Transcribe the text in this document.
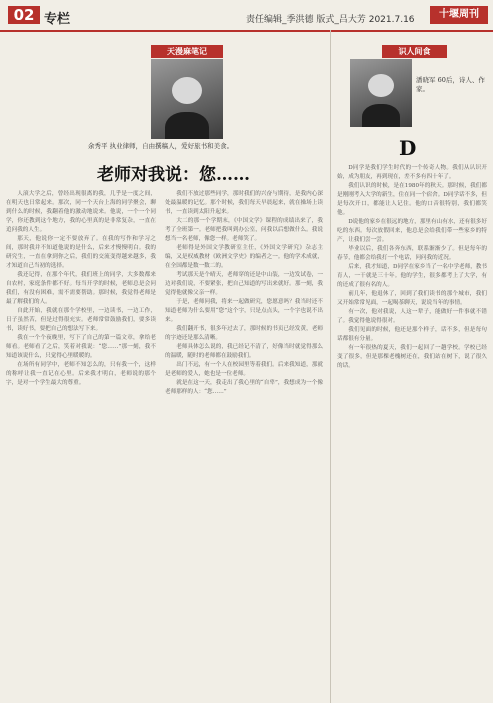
02 专栏	责任编辑_季洪德 版式_吕大芳 2021.7.16	十堰周刊
天漫麻笔记
余秀平 执业律师，自由撰稿人，爱好旅书和美食。
老师对我说：您……

人滚大学之后，曾经出现很离的我，几乎是一度之间，在明天也日常起来。那次，同一个天台上海的同学聚会，聊到什么的时候，我翻着他的激动地说来。他说，一个一个同学，你还教到这个地方，我的心里真的是非常复杂，一直在追问我的人生。

那天，他说你一定不要放弃了。在我的写作和学习之间，那时我并不知道他说的是什么，后来才慢慢明白。我的研究生，一直在拿到你之后，我们的交流变得越来越多，我才知道自己当初的选择。

我还记得，在那个年代，我们班上的同学，大多数都来自农村，家庭条件都不好。每当开学的时候，老师总是会问我们，有没有困难，需不需要帮助。那时候，我觉得老师是最了解我们的人。

自此开始，我就在那个学校里，一边读书，一边工作，日子虽然苦，但是过得很充实。老师常常鼓励我们，要多读书，读好书，要把自己的想法写下来。

我在一个个夜晚里，写下了自己的第一篇文章，拿给老师看。老师看了之后，笑着对我说：“您……”那一刻，我不知道该说什么，只觉得心里暖暖的。

在场所有同学中，老师不知怎么的，只有我一个，这样的称呼让我一直记在心里。后来我才明白，老师说的那个字，是对一个学生最大的尊重。

我们不放过那些同学，那时我们的兴奋与期待，是我内心深处最温暖的记忆。那个时候，我们每天早晨起来，就在操场上读书，一直读到太阳升起来。

大二的那一个学期末，《中国文学》课程的成绩出来了，我考了全班第一。老师把我叫到办公室，问我以后想做什么。我说想当一名老师，像您一样。老师笑了。

老师得是外国文学教研室主任，《外国文学研究》杂志主编，又是权威教材《欧洲文学史》的编者之一。他的学术成就，在全国都是数一数二的。

考试那天是个晴天，老师穿的还是中山装，一边发试卷，一边对我们说，不要紧张，把自己知道的写出来就好。那一刻，我觉得他就像父亲一样。

于是，老师问我，将来一起做研究，您愿意吗？我当时还不知道老师为什么要用“您”这个字，只是点点头，一个字也说不出来。

我们翻开书，很多年过去了，那时候的书页已经发黄，老师的字迹还是那么清晰。

老师具体怎么说的，我已经记不清了，好像当时就觉得那么的温暖，随时的老师都在鼓励我们。

出门不远，有一个人在校园里等着我们。后来我知道，那就是老师的爱人，她也是一位老师。

就是在这一天，我走出了我心里的“自卑”，我想成为一个像老师那样的人：“您……”

识人间食
潘晓军 60后，诗人、作家。
D

D同学是我们学生时代的一个传奇人物。我们从认识开始，成为朋友，再到现在，差不多有四十年了。

我们认识的时候，是在1980年的秋天。那时候，我们都是刚刚考入大学的新生，住在同一个宿舍。D同学话不多，但是每次开口，都能让人记住。他的口音很特别，我们都笑他。

D说他的家乡在很远的地方，那里有山有水，还有很多好吃的东西。每次放假回来，他总是会给我们带一些家乡的特产，让我们尝一尝。

毕业以后，我们各奔东西，联系渐渐少了。但是每年的春节，他都会给我打一个电话，问问我的近况。

后来，我才知道，D同学在家乡当了一名中学老师，教书育人，一干就是三十年。他的学生，很多都考上了大学，有的还成了很有名的人。

前几年，他退休了，回到了我们读书的那个城市，我们又开始常常见面，一起喝茶聊天，说说当年的事情。

有一次，他对我说，人这一辈子，能做好一件事就不错了。我觉得他说得很对。

我们见面的时候，他还是那个样子，话不多，但是每句话都很有分量。

有一年很热的夏天，我们一起回了一趟学校。学校已经变了很多，但是那棵老槐树还在，我们站在树下，说了很久的话。
